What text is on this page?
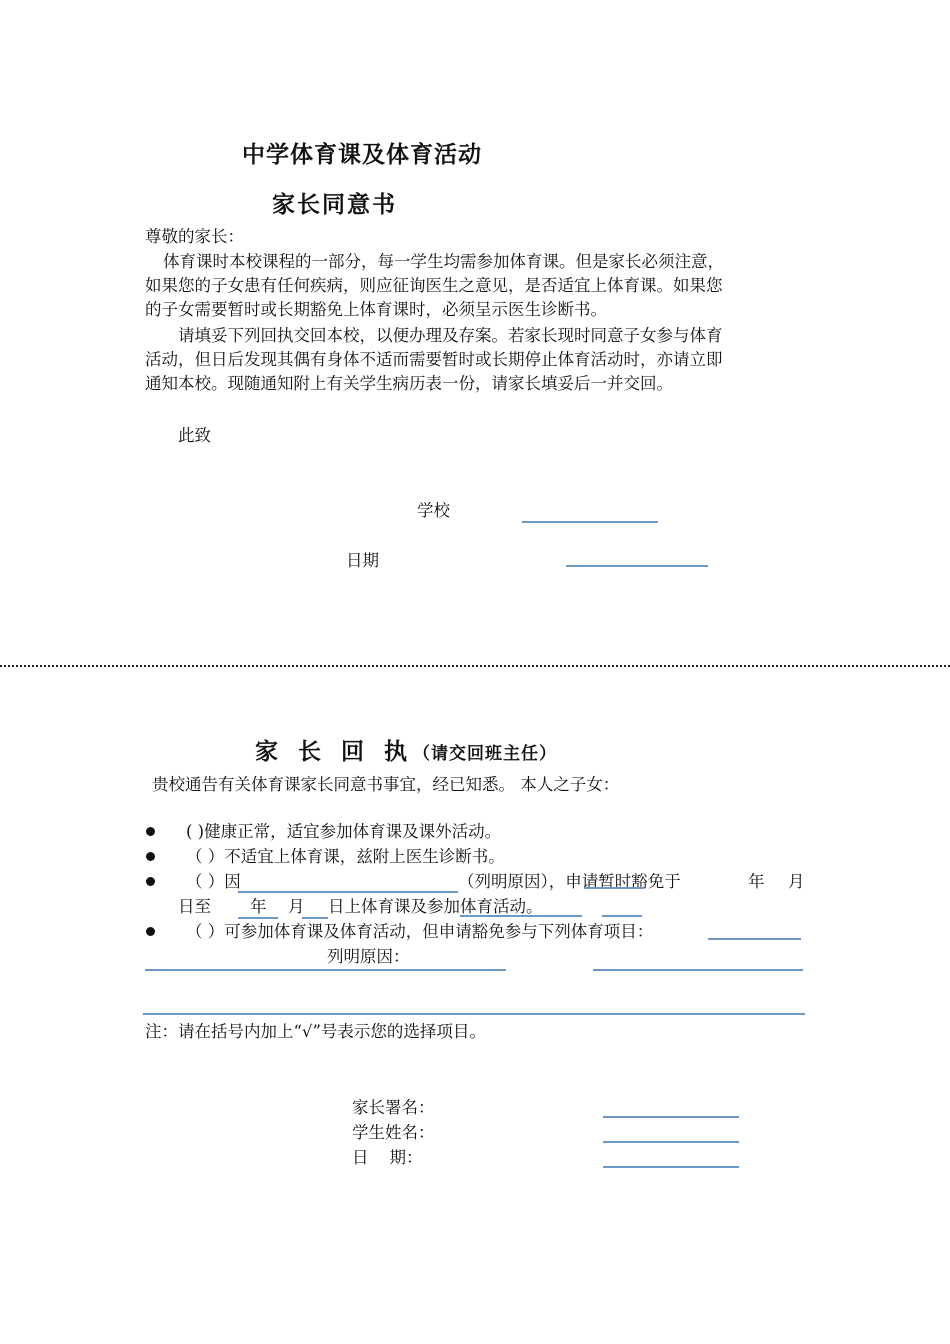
中学体育课及体育活动
家长同意书
尊敬的家长：
体育课时本校课程的一部分，每一学生均需参加体育课。但是家长必须注意，
如果您的子女患有任何疾病，则应征询医生之意见，是否适宜上体育课。如果您
的子女需要暂时或长期豁免上体育课时，必须呈示医生诊断书。
请填妥下列回执交回本校，以便办理及存案。若家长现时同意子女参与体育
活动，但日后发现其偶有身体不适而需要暂时或长期停止体育活动时，亦请立即
通知本校。现随通知附上有关学生病历表一份，请家长填妥后一并交回。
此致
学校
日期
家 长 回 执（请交回班主任）
贵校通告有关体育课家长同意书事宜，经已知悉。 本人之子女：
( )健康正常，适宜参加体育课及课外活动。
（ ）不适宜上体育课，兹附上医生诊断书。
（ ）因	（列明原因），申请暂时豁免于	年 月
日至 年 月 日上体育课及参加体育活动。
（ ）可参加体育课及体育活动，但申请豁免参与下列体育项目：
列明原因：
注：请在括号内加上“√”号表示您的选择项目。
家长署名：
学生姓名：
日    期：
